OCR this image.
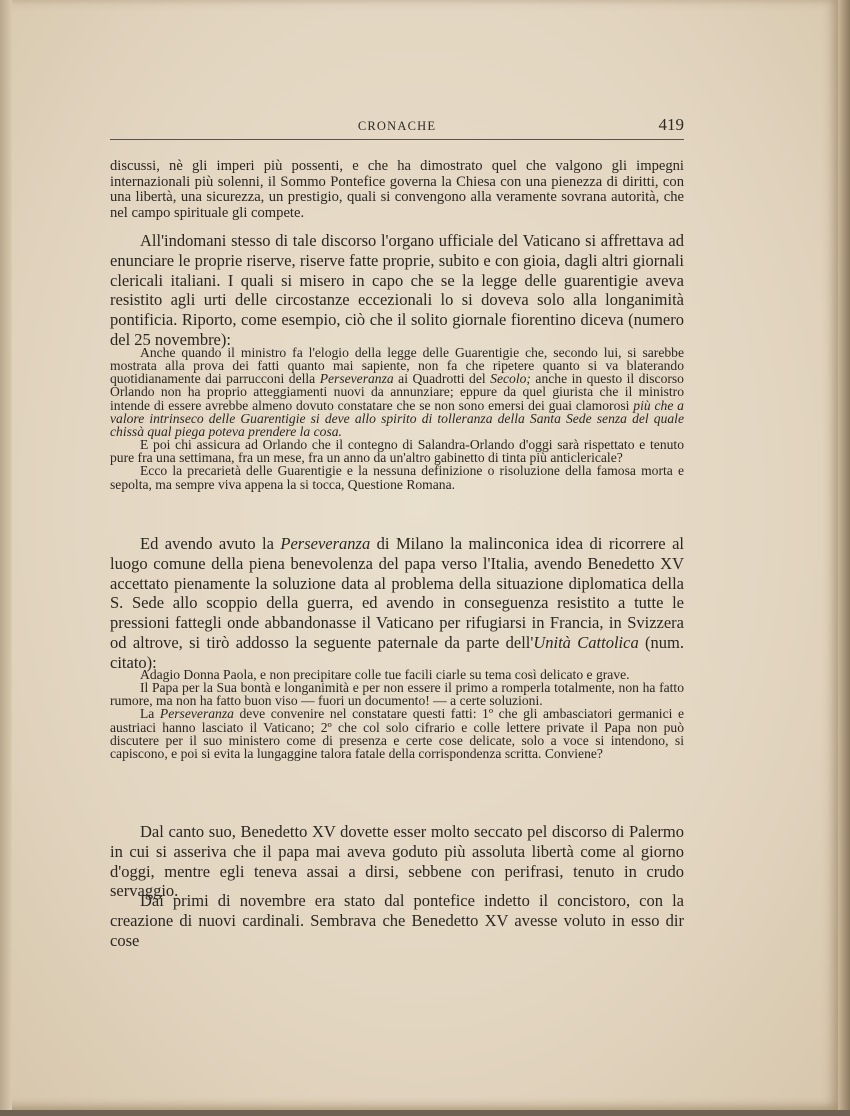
CRONACHE	419

discussi, nè gli imperi più possenti, e che ha dimostrato quel che valgono gli impegni internazionali più solenni, il Sommo Pontefice governa la Chiesa con una pienezza di diritti, con una libertà, una sicurezza, un prestigio, quali si convengono alla veramente sovrana autorità, che nel campo spirituale gli compete.

All'indomani stesso di tale discorso l'organo ufficiale del Vaticano si affrettava ad enunciare le proprie riserve, riserve fatte proprie, subito e con gioia, dagli altri giornali clericali italiani. I quali si misero in capo che se la legge delle guarentigie aveva resistito agli urti delle circostanze eccezionali lo si doveva solo alla longanimità pontificia. Riporto, come esempio, ciò che il solito giornale fiorentino diceva (numero del 25 novembre):

Anche quando il ministro fa l'elogio della legge delle Guarentigie che, secondo lui, si sarebbe mostrata alla prova dei fatti quanto mai sapiente, non fa che ripetere quanto si va blaterando quotidianamente dai parrucconi della Perseveranza ai Quadrotti del Secolo; anche in questo il discorso Orlando non ha proprio atteggiamenti nuovi da annunziare; eppure da quel giurista che il ministro intende di essere avrebbe almeno dovuto constatare che se non sono emersi dei guai clamorosi più che a valore intrinseco delle Guarentigie si deve allo spirito di tolleranza della Santa Sede senza del quale chissà qual piega poteva prendere la cosa.

E poi chi assicura ad Orlando che il contegno di Salandra-Orlando d'oggi sarà rispettato e tenuto pure fra una settimana, fra un mese, fra un anno da un'altro gabinetto di tinta più anticlericale?

Ecco la precarietà delle Guarentigie e la nessuna definizione o risoluzione della famosa morta e sepolta, ma sempre viva appena la si tocca, Questione Romana.

Ed avendo avuto la Perseveranza di Milano la malinconica idea di ricorrere al luogo comune della piena benevolenza del papa verso l'Italia, avendo Benedetto XV accettato pienamente la soluzione data al problema della situazione diplomatica della S. Sede allo scoppio della guerra, ed avendo in conseguenza resistito a tutte le pressioni fattegli onde abbandonasse il Vaticano per rifugiarsi in Francia, in Svizzera od altrove, si tirò addosso la seguente paternale da parte dell'Unità Cattolica (num. citato):

Adagio Donna Paola, e non precipitare colle tue facili ciarle su tema così delicato e grave.

Il Papa per la Sua bontà e longanimità e per non essere il primo a romperla totalmente, non ha fatto rumore, ma non ha fatto buon viso — fuori un documento! — a certe soluzioni.

La Perseveranza deve convenire nel constatare questi fatti: 1º che gli ambasciatori germanici e austriaci hanno lasciato il Vaticano; 2º che col solo cifrario e colle lettere private il Papa non può discutere per il suo ministero come di presenza e certe cose delicate, solo a voce si intendono, si capiscono, e poi si evita la lungaggine talora fatale della corrispondenza scritta. Conviene?

Dal canto suo, Benedetto XV dovette esser molto seccato pel discorso di Palermo in cui si asseriva che il papa mai aveva goduto più assoluta libertà come al giorno d'oggi, mentre egli teneva assai a dirsi, sebbene con perifrasi, tenuto in crudo servaggio.

Dai primi di novembre era stato dal pontefice indetto il concistoro, con la creazione di nuovi cardinali. Sembrava che Benedetto XV avesse voluto in esso dir cose
